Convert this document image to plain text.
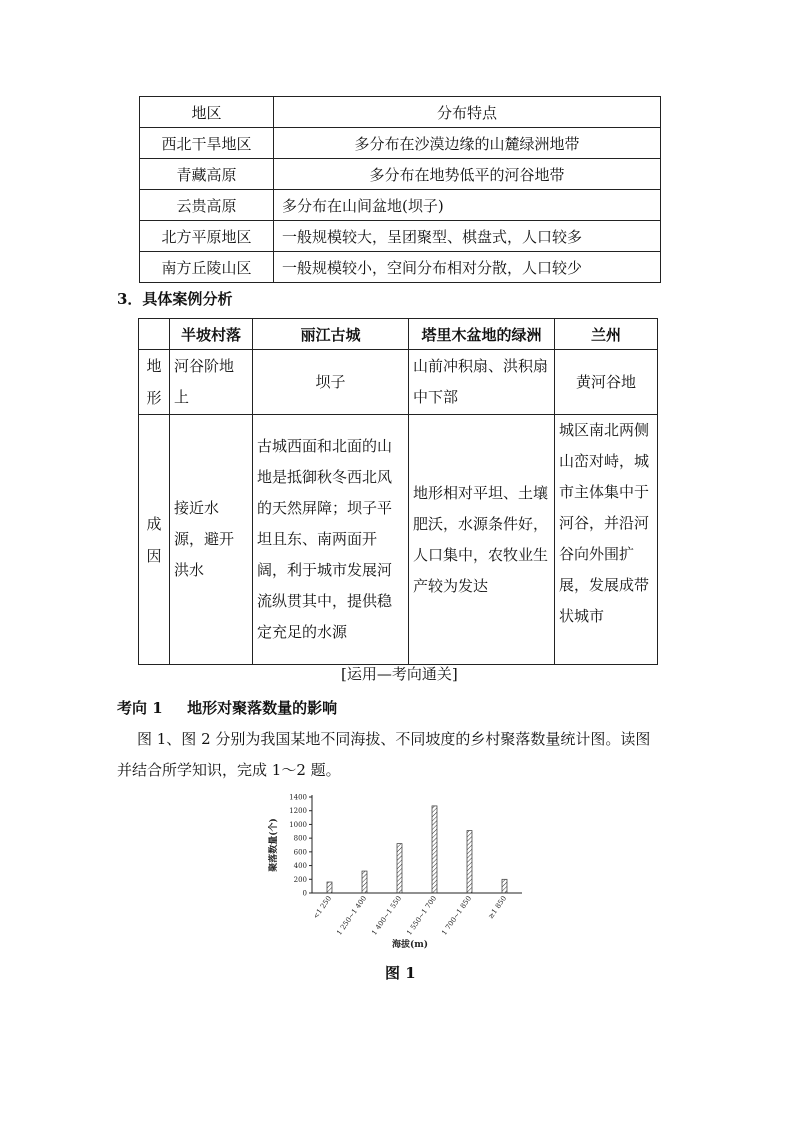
地区	分布特点
西北干旱地区	多分布在沙漠边缘的山麓绿洲地带
青藏高原	多分布在地势低平的河谷地带
云贵高原	多分布在山间盆地(坝子)
北方平原地区	一般规模较大，呈团聚型、棋盘式，人口较多
南方丘陵山区	一般规模较小，空间分布相对分散，人口较少
3．具体案例分析
	半坡村落	丽江古城	塔里木盆地的绿洲	兰州

地形	河谷阶地上	坝子	山前冲积扇、洪积扇中下部	黄河谷地

成因	接近水源，避开洪水	古城西面和北面的山地是抵御秋冬西北风的天然屏障；坝子平坦且东、南两面开阔，利于城市发展河流纵贯其中，提供稳定充足的水源	地形相对平坦、土壤肥沃，水源条件好，人口集中，农牧业生产较为发达	城区南北两侧山峦对峙，城市主体集中于河谷，并沿河谷向外围扩展，发展成带状城市
[运用—考向通关]
考向 1 地形对聚落数量的影响
图 1、图 2 分别为我国某地不同海拔、不同坡度的乡村聚落数量统计图。读图
并结合所学知识，完成 1～2 题。
0
200
400
600
800
1000
1200
1400
<1 250 1 250~1 400 1 400~1 550 1 550~1 700 1 700~1 850 ≥1 850
聚落数量(个)
海拔(m)
图 1
